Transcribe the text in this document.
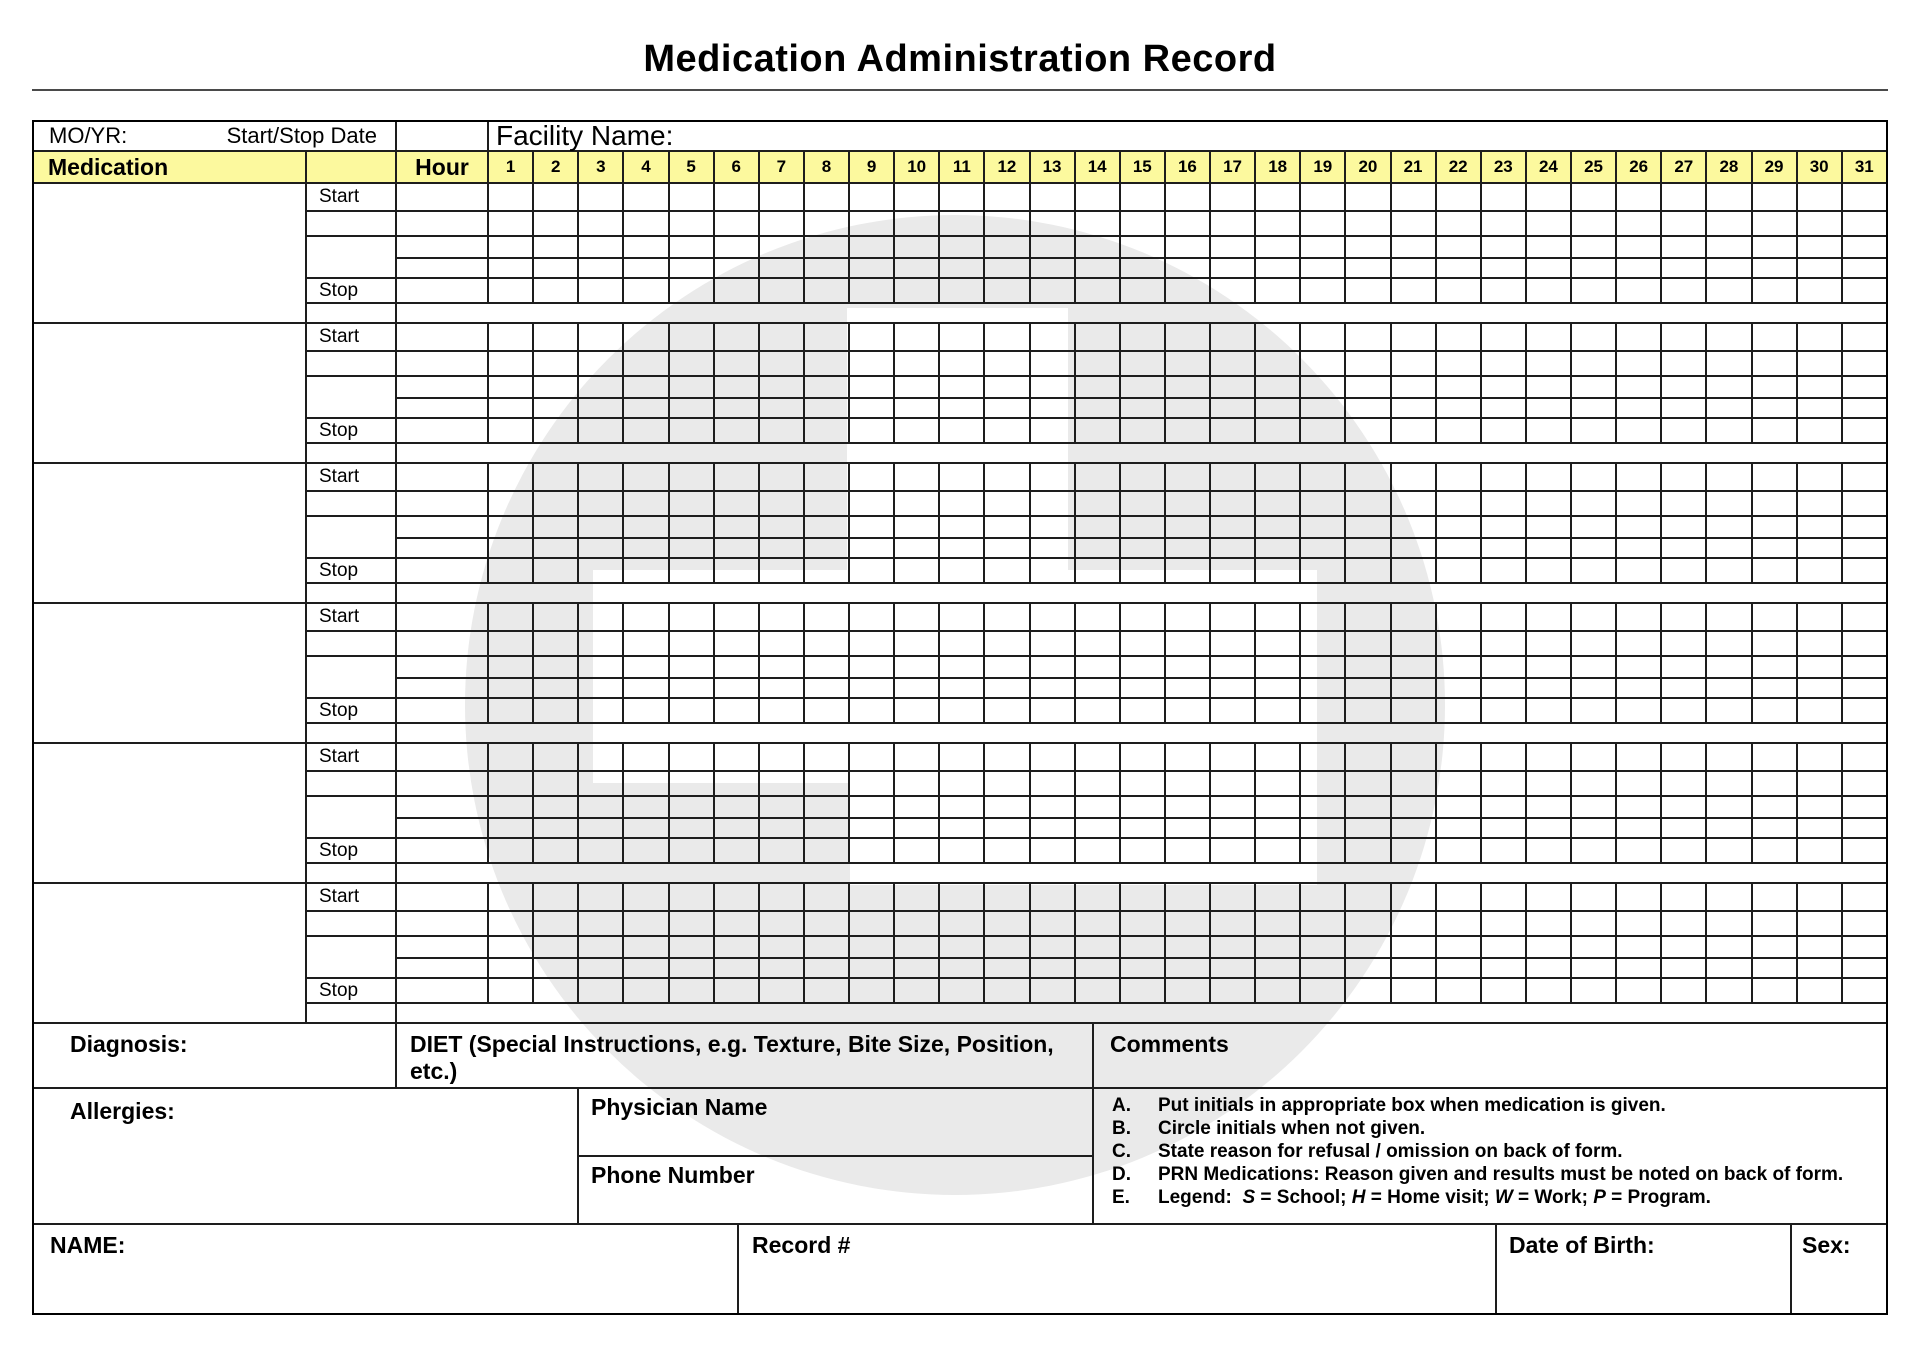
Medication Administration Record
MO/YR:	Start/Stop Date	Facility Name:
Medication	Hour	1	2	3	4	5	6	7	8	9	10	11	12	13	14	15	16	17	18	19	20	21	22	23	24	25	26	27	28	29	30	31
Start
Stop
Start
Stop
Start
Stop
Start
Stop
Start
Stop
Start
Stop
Diagnosis:	DIET (Special Instructions, e.g. Texture, Bite Size, Position, etc.)
Comments
Allergies:	Physician Name
Phone Number
A.	Put initials in appropriate box when medication is given.
B.	Circle initials when not given.
C.	State reason for refusal / omission on back of form.
D.	PRN Medications: Reason given and results must be noted on back of form.
E.	Legend:  S = School; H = Home visit; W = Work; P = Program.
NAME:	Record #	Date of Birth:	Sex:
